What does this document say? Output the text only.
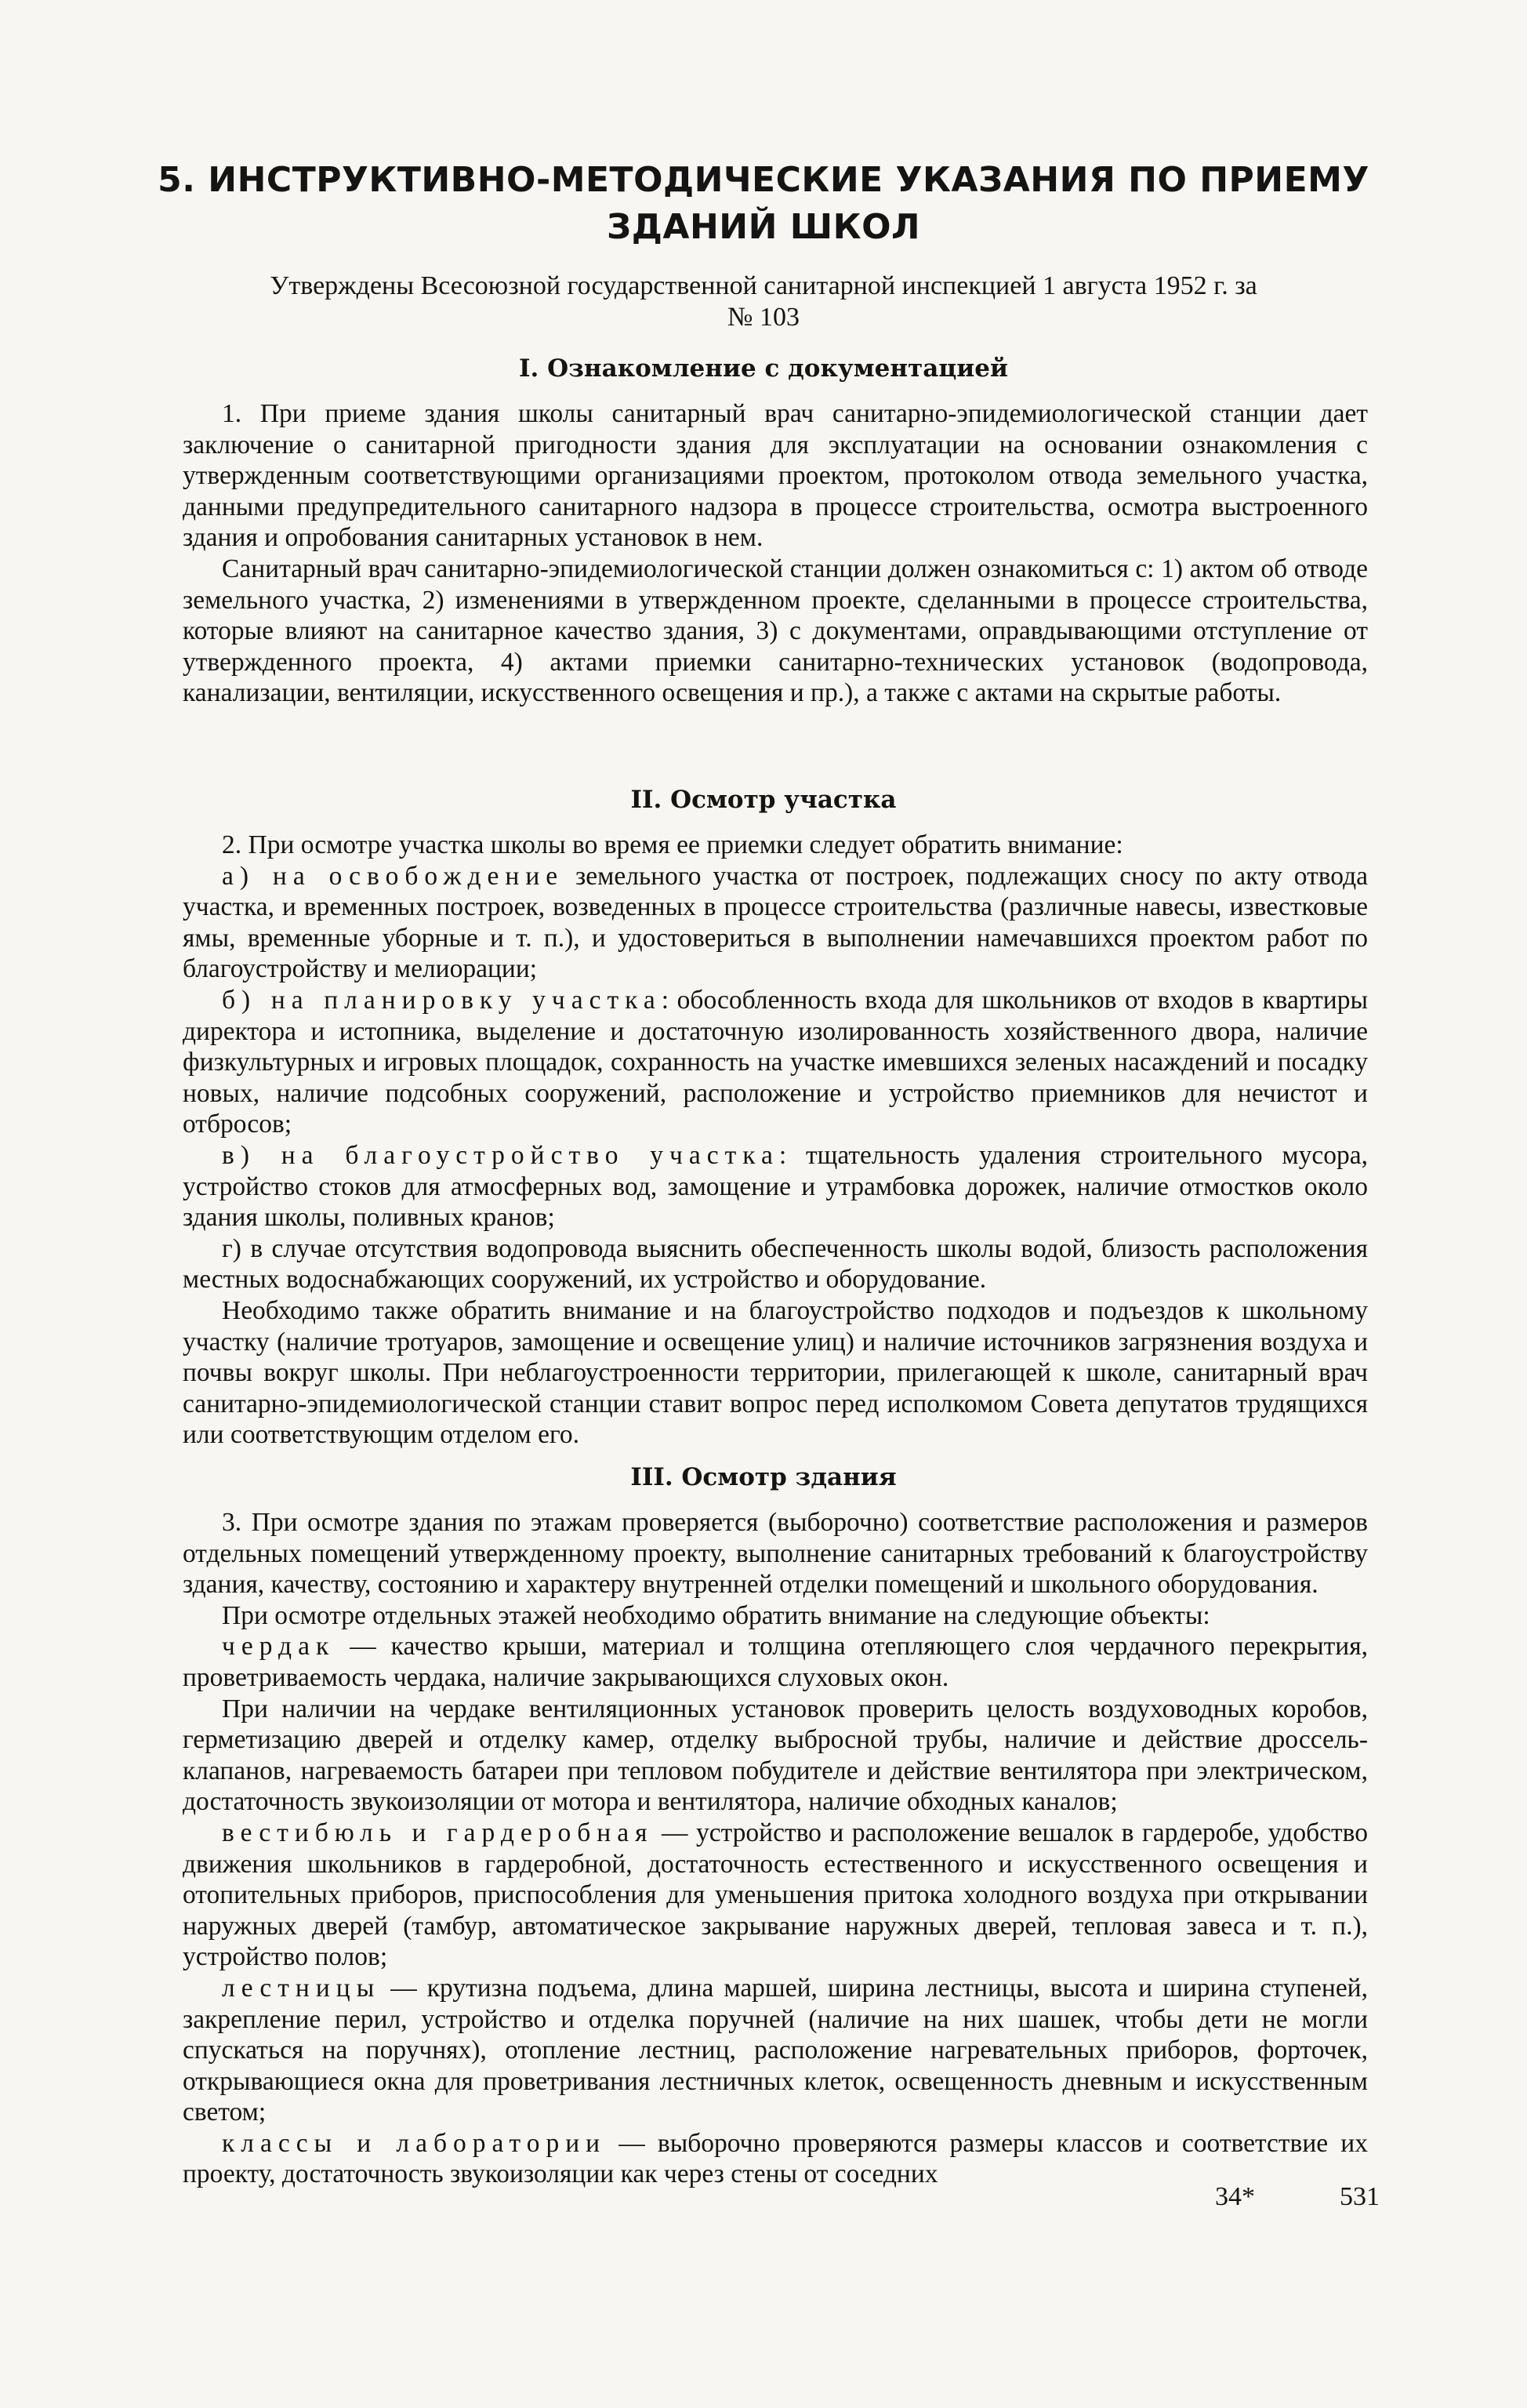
5. ИНСТРУКТИВНО-МЕТОДИЧЕСКИЕ УКАЗАНИЯ ПО ПРИЕМУ
ЗДАНИЙ ШКОЛ
Утверждены Всесоюзной государственной санитарной инспекцией 1 августа 1952 г. за
№ 103
I. Ознакомление с документацией

1. При приеме здания школы санитарный врач санитарно-эпидемиологической станции дает заключение о санитарной пригодности здания для эксплуатации на основании ознакомления с утвержденным соответствующими организациями проектом, протоколом отвода земельного участка, данными предупредительного санитарного надзора в процессе строительства, осмотра выстроенного здания и опробования санитарных установок в нем.

Санитарный врач санитарно-эпидемиологической станции должен ознакомиться с: 1) актом об отводе земельного участка, 2) изменениями в утвержденном проекте, сделанными в процессе строительства, которые влияют на санитарное качество здания, 3) с документами, оправдывающими отступление от утвержденного проекта, 4) актами приемки санитарно-технических установок (водопровода, канализации, вентиляции, искусственного освещения и пр.), а также с актами на скрытые работы.

II. Осмотр участка

2. При осмотре участка школы во время ее приемки следует обратить внимание:

а) на освобождение земельного участка от построек, подлежащих сносу по акту отвода участка, и временных построек, возведенных в процессе строительства (различные навесы, известковые ямы, временные уборные и т. п.), и удостовериться в выполнении намечавшихся проектом работ по благоустройству и мелиорации;

б) на планировку участка: обособленность входа для школьников от входов в квартиры директора и истопника, выделение и достаточную изолированность хозяйственного двора, наличие физкультурных и игровых площадок, сохранность на участке имевшихся зеленых насаждений и посадку новых, наличие подсобных сооружений, расположение и устройство приемников для нечистот и отбросов;

в) на благоустройство участка: тщательность удаления строительного мусора, устройство стоков для атмосферных вод, замощение и утрамбовка дорожек, наличие отмостков около здания школы, поливных кранов;

г) в случае отсутствия водопровода выяснить обеспеченность школы водой, близость расположения местных водоснабжающих сооружений, их устройство и оборудование.

Необходимо также обратить внимание и на благоустройство подходов и подъездов к школьному участку (наличие тротуаров, замощение и освещение улиц) и наличие источников загрязнения воздуха и почвы вокруг школы. При неблагоустроенности территории, прилегающей к школе, санитарный врач санитарно-эпидемиологической станции ставит вопрос перед исполкомом Совета депутатов трудящихся или соответствующим отделом его.

III. Осмотр здания

3. При осмотре здания по этажам проверяется (выборочно) соответствие расположения и размеров отдельных помещений утвержденному проекту, выполнение санитарных требований к благоустройству здания, качеству, состоянию и характеру внутренней отделки помещений и школьного оборудования.

При осмотре отдельных этажей необходимо обратить внимание на следующие объекты:

чердак — качество крыши, материал и толщина отепляющего слоя чердачного перекрытия, проветриваемость чердака, наличие закрывающихся слуховых окон.

При наличии на чердаке вентиляционных установок проверить целость воздуховодных коробов, герметизацию дверей и отделку камер, отделку выбросной трубы, наличие и действие дроссель-клапанов, нагреваемость батареи при тепловом побудителе и действие вентилятора при электрическом, достаточность звукоизоляции от мотора и вентилятора, наличие обходных каналов;

вестибюль и гардеробная — устройство и расположение вешалок в гардеробе, удобство движения школьников в гардеробной, достаточность естественного и искусственного освещения и отопительных приборов, приспособления для уменьшения притока холодного воздуха при открывании наружных дверей (тамбур, автоматическое закрывание наружных дверей, тепловая завеса и т. п.), устройство полов;

лестницы — крутизна подъема, длина маршей, ширина лестницы, высота и ширина ступеней, закрепление перил, устройство и отделка поручней (наличие на них шашек, чтобы дети не могли спускаться на поручнях), отопление лестниц, расположение нагревательных приборов, форточек, открывающиеся окна для проветривания лестничных клеток, освещенность дневным и искусственным светом;

классы и лаборатории — выборочно проверяются размеры классов и соответствие их проекту, достаточность звукоизоляции как через стены от соседних

34*	531
